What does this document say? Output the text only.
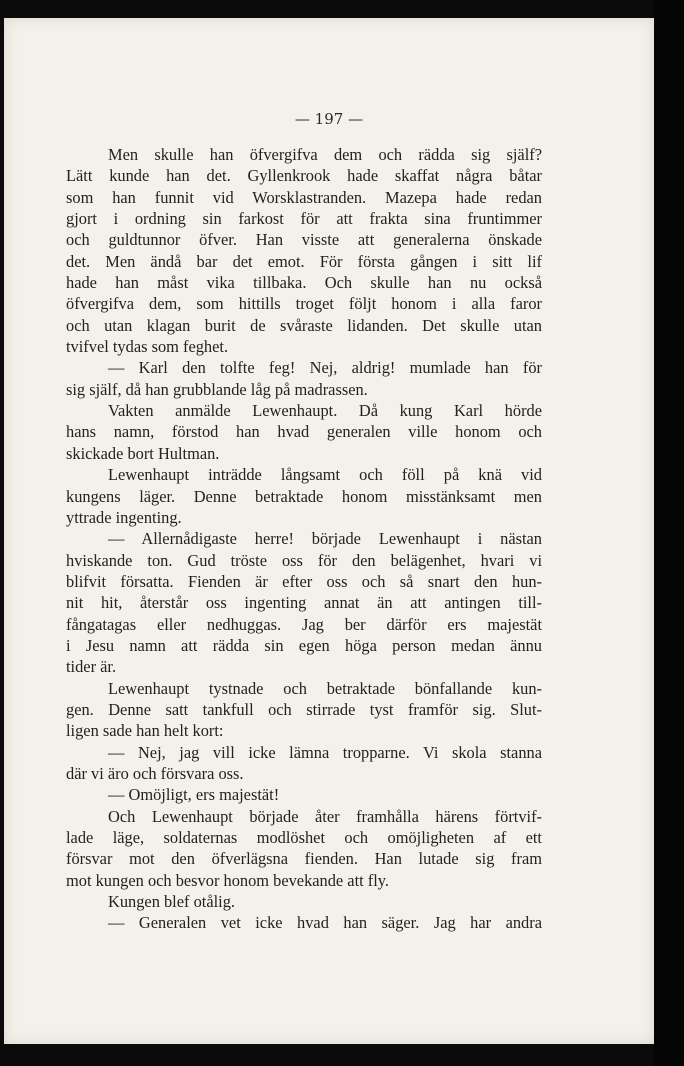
— 197 —
Men skulle han öfvergifva dem och rädda sig själf?
Lätt kunde han det. Gyllenkrook hade skaffat några båtar
som han funnit vid Worsklastranden. Mazepa hade redan
gjort i ordning sin farkost för att frakta sina fruntimmer
och guldtunnor öfver. Han visste att generalerna önskade
det. Men ändå bar det emot. För första gången i sitt lif
hade han måst vika tillbaka. Och skulle han nu också
öfvergifva dem, som hittills troget följt honom i alla faror
och utan klagan burit de svåraste lidanden. Det skulle utan
tvifvel tydas som feghet.
— Karl den tolfte feg! Nej, aldrig! mumlade han för
sig själf, då han grubblande låg på madrassen.
Vakten anmälde Lewenhaupt. Då kung Karl hörde
hans namn, förstod han hvad generalen ville honom och
skickade bort Hultman.
Lewenhaupt inträdde långsamt och föll på knä vid
kungens läger. Denne betraktade honom misstänksamt men
yttrade ingenting.
— Allernådigaste herre! började Lewenhaupt i nästan
hviskande ton. Gud tröste oss för den belägenhet, hvari vi
blifvit försatta. Fienden är efter oss och så snart den hun-
nit hit, återstår oss ingenting annat än att antingen till-
fångatagas eller nedhuggas. Jag ber därför ers majestät
i Jesu namn att rädda sin egen höga person medan ännu
tider är.
Lewenhaupt tystnade och betraktade bönfallande kun-
gen. Denne satt tankfull och stirrade tyst framför sig. Slut-
ligen sade han helt kort:
— Nej, jag vill icke lämna tropparne. Vi skola stanna
där vi äro och försvara oss.
— Omöjligt, ers majestät!
Och Lewenhaupt började åter framhålla härens förtvif-
lade läge, soldaternas modlöshet och omöjligheten af ett
försvar mot den öfverlägsna fienden. Han lutade sig fram
mot kungen och besvor honom bevekande att fly.
Kungen blef otålig.
— Generalen vet icke hvad han säger. Jag har andra
